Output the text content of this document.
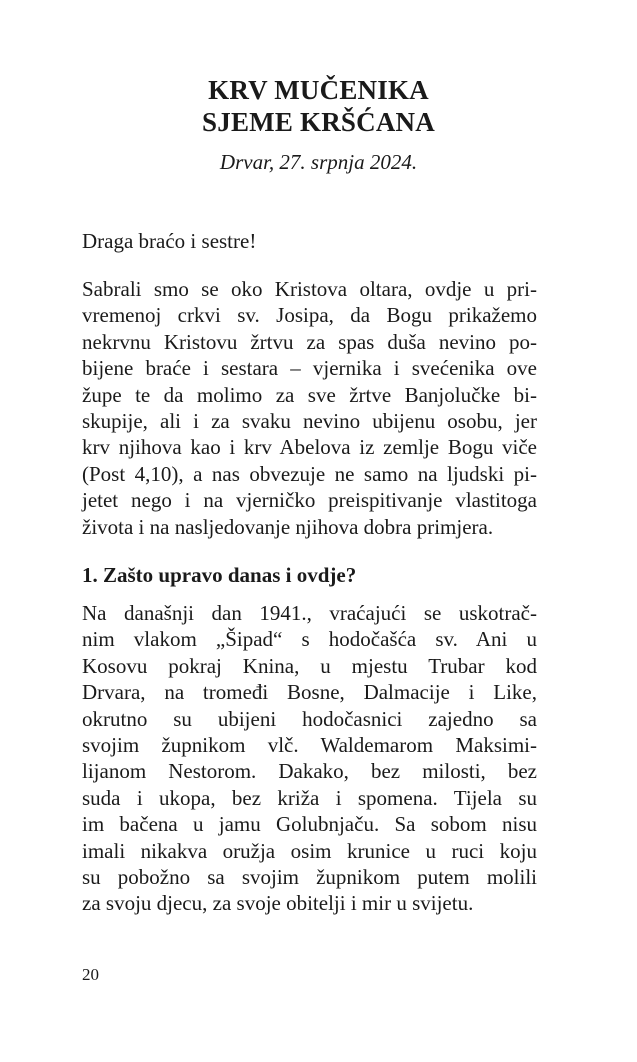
KRV MUČENIKA
SJEME KRŠĆANA
Drvar, 27. srpnja 2024.
Draga braćo i sestre!
Sabrali smo se oko Kristova oltara, ovdje u pri-
vremenoj crkvi sv. Josipa, da Bogu prikažemo
nekrvnu Kristovu žrtvu za spas duša nevino po-
bijene braće i sestara – vjernika i svećenika ove
župe te da molimo za sve žrtve Banjolučke bi-
skupije, ali i za svaku nevino ubijenu osobu, jer
krv njihova kao i krv Abelova iz zemlje Bogu viče
(Post 4,10), a nas obvezuje ne samo na ljudski pi-
jetet nego i na vjerničko preispitivanje vlastitoga
života i na nasljedovanje njihova dobra primjera.
1. Zašto upravo danas i ovdje?
Na današnji dan 1941., vraćajući se uskotrač-
nim vlakom „Šipad“ s hodočašća sv. Ani u
Kosovu pokraj Knina, u mjestu Trubar kod
Drvara, na tromeđi Bosne, Dalmacije i Like,
okrutno su ubijeni hodočasnici zajedno sa
svojim župnikom vlč. Waldemarom Maksimi-
lijanom Nestorom. Dakako, bez milosti, bez
suda i ukopa, bez križa i spomena. Tijela su
im bačena u jamu Golubnjaču. Sa sobom nisu
imali nikakva oružja osim krunice u ruci koju
su pobožno sa svojim župnikom putem molili
za svoju djecu, za svoje obitelji i mir u svijetu.
20
